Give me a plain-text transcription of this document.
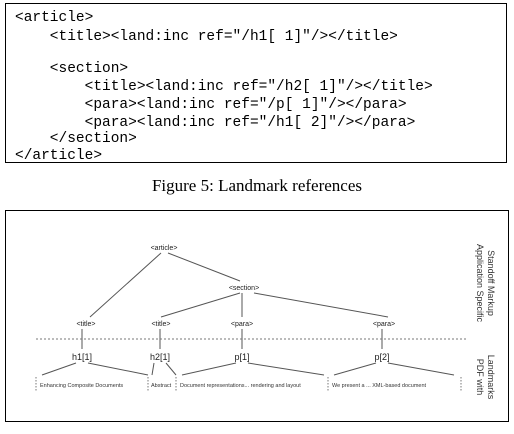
<article>
<title><land:inc ref="/h1[ 1]"/></title>
<section>
<title><land:inc ref="/h2[ 1]"/></title>
<para><land:inc ref="/p[ 1]"/></para>
<para><land:inc ref="/h1[ 2]"/></para>
</section>
</article>
Figure 5: Landmark references
<article>
<section>
<title>	<title>	<para>	<para>
h1[1]	h2[1]	p[1]	p[2]
Enhancing Composite Documents	Abstract Document representations... rendering and layout	We present a ... XML-based document
Application Specific Standoff Markup
PDF with Landmarks
